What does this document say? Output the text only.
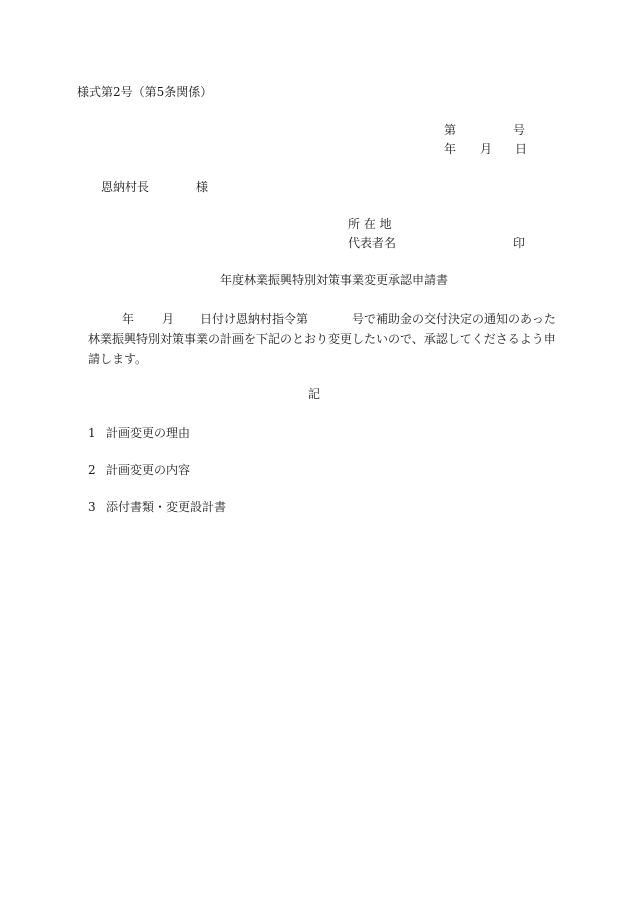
様式第2号（第5条関係）
第	号
年 月 日
恩納村長	様
所 在 地
代表者名	印
年度林業振興特別対策事業変更承認申請書
年 月 日付け恩納村指令第	号で補助金の交付決定の通知のあった
林業振興特別対策事業の計画を下記のとおり変更したいので、承認してくださるよう申
請します。
記
1 計画変更の理由
2 計画変更の内容
3 添付書類・変更設計書
